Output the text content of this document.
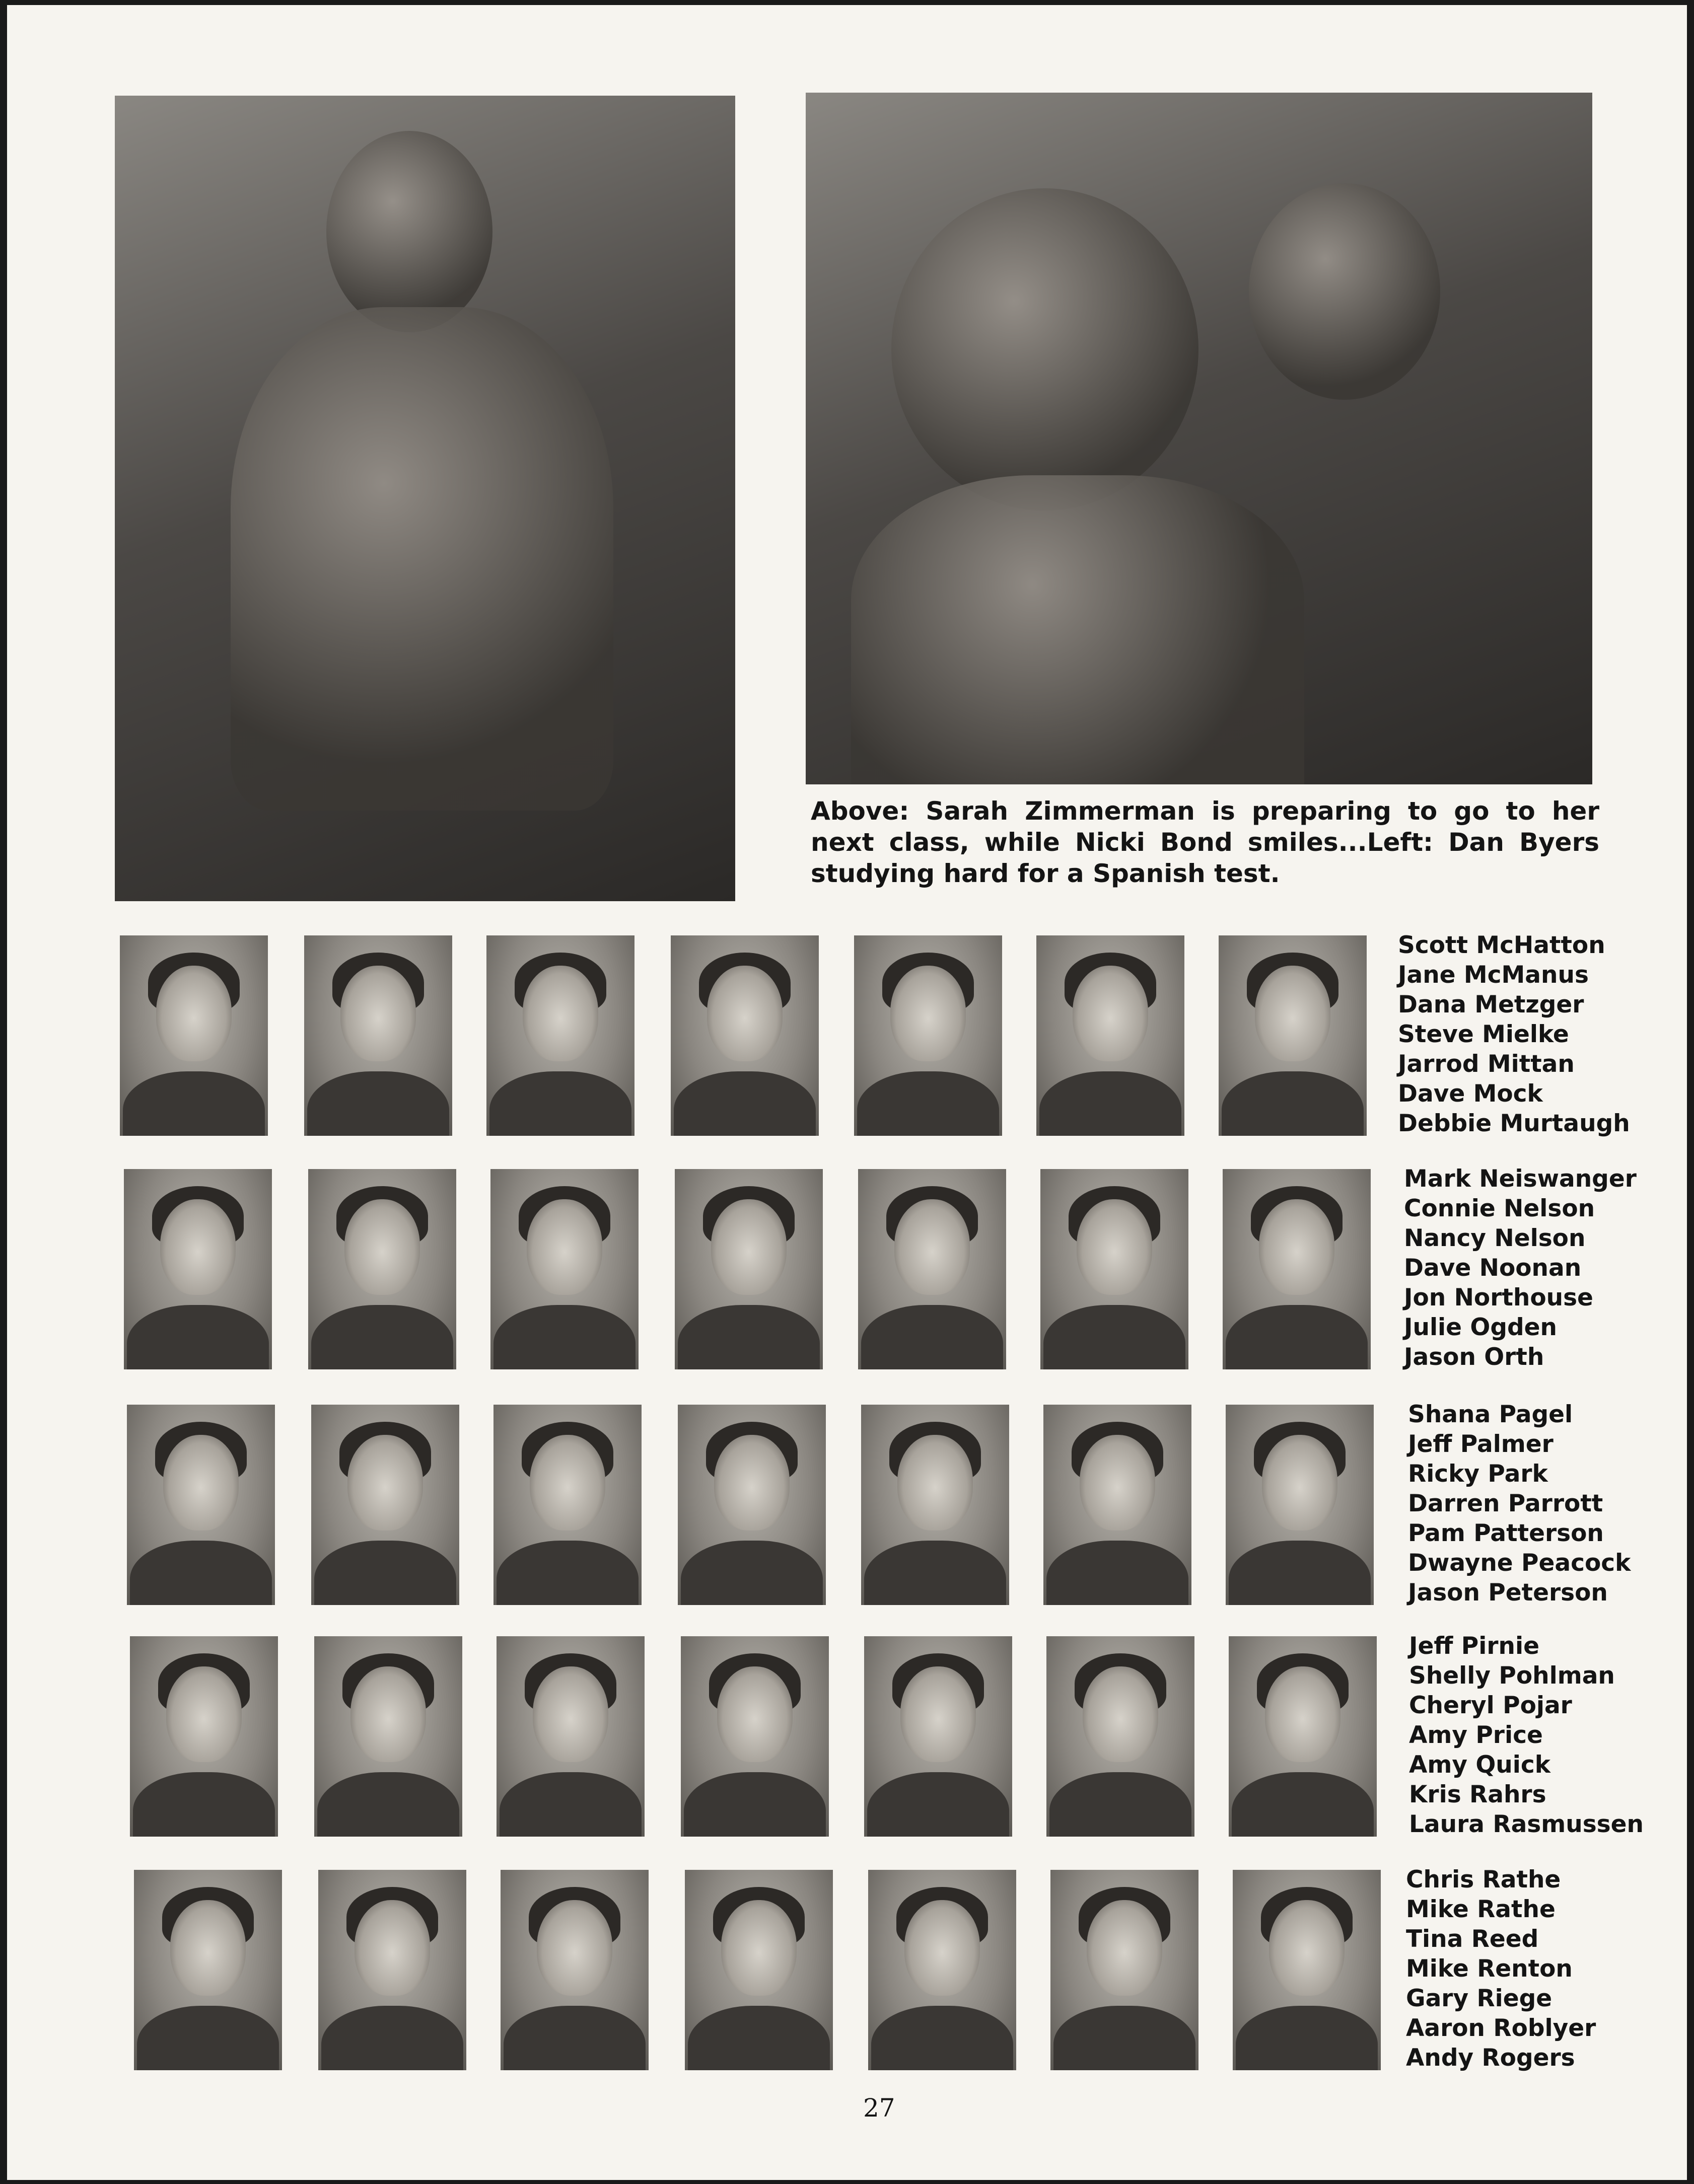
Above: Sarah Zimmerman is preparing to go to her next class, while Nicki Bond smiles...Left: Dan Byers studying hard for a Spanish test.
Scott McHatton
Jane McManus
Dana Metzger
Steve Mielke
Jarrod Mittan
Dave Mock
Debbie Murtaugh
Mark Neiswanger
Connie Nelson
Nancy Nelson
Dave Noonan
Jon Northouse
Julie Ogden
Jason Orth
Shana Pagel
Jeff Palmer
Ricky Park
Darren Parrott
Pam Patterson
Dwayne Peacock
Jason Peterson
Jeff Pirnie
Shelly Pohlman
Cheryl Pojar
Amy Price
Amy Quick
Kris Rahrs
Laura Rasmussen
Chris Rathe
Mike Rathe
Tina Reed
Mike Renton
Gary Riege
Aaron Roblyer
Andy Rogers
27
